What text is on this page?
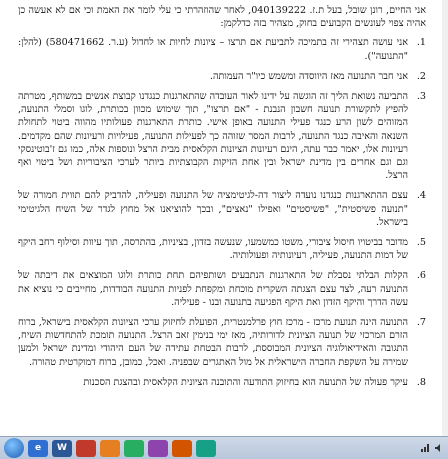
אני החיים, רונן שובל, בעל ת.ז. 040139222, לאחר שהוזהרתי כי עלי לומר את האמת וכי אם לא אעשה כן אהיה צפוי לעונשים הקבועים בחוק, מצהיר בזה כדלקמן:

1.
אני עושה תצהירי זה בתמיכה לתביעת אם תרצו – ציונות לחיות או לחדול (ע.ר. 580471662) (להלן: "התנועה").
2.
אני חבר התנועה מאז היווסדה ומשמש כיו"ר העמותה.
3.
התביעה נשואת הליך זה הוגשה על ידינו לאור העובדה שהתארגנות כנגדנו קבוצת אנשים במשותף, מטרתה להפיץ לתקשורת תנועה חשבון הנבנת - "אם תרצו", תוך שימוש מכוון בכותרת, לוגו וסמלי התנועה, המזוהים לשון הרע כנגד פעילי התנועה באופן אישי. כותרת התארגנות פעולותיו מהווה ביטוי לתחולת השנאה והאיבה כנגד התנועה, לרבות המסר שזוהה כך לפעילות התנועה, פעילויות ורעיונות שהם מקדמים. רעיונות אלו, יאמר כבר עתה, הינם רעיונות הציונות הקלאסית מבית הרצל ונוספות אלה, כמו גם ז'בוטינסקי וגם וגם אחרים בין מדינת ישראל ובין אחת הזיקות הקבוצתיות ביותר לערכי הציבוריות ושל ביטוי ואף הרצל.
4.
עצם ההתארגנות כנגדנו נועדה ליצור דה-לגיטימציה של התנועה ופעיליה, להדביק להם תווית חמורה של "תנועה פשיסטית", "פשיסטים" ואפילו "נאצים", ובכך להוציאנו אל מחוץ לגדר של השיח הלגיטימי בישראל.
5.
מדובר בביטויו חיסול ציבורי, משטו כמשמעו, שנעשה בזדון, בציניות, בהתרסה, תוך עיוות וסילוף רחב היקף של דמות התנועה, פעיליה, רעיונותיה ופעולותיה.
6.
הקלות הבלתי נסבלת של התארגנות הנתבעים ושותפיהם תחת כותרת ולוגו המוצאים את דיבתה של התנועה רעה, לצד עצם הצגתה השקרית מוכחת ומקפחת לפניות התנועה הבודדות, מחייבים כי נוציא את עשה הדרך והיקף הזדון ואת היקף הפגיעה בתנועה ובנו - פעיליה.
7.
התנועה הינה תנועת מרכז - מרכז חוץ פרלמנטרית, הפועלת לחיזוק ערכי הציונות הקלאסית בישראל, ברוח הזרם המרכזי של תנועה הציונית לדורותיה, מאז ימי בנימין זאב הרצל. התנועה תומכת להתחדשות השיח, התגובה והאידיאולוגיה הציונית המבוססת, לרבות הבטחת עתידה של העם היהודי ומדינת ישראל ולמען שמירה על השקפת החברה הישראלית אל מול האתגרים שבפניה. ואכל, כמובן, ברוח דמוקרטית טהורה.
8.
עיקר פעולה של התנועה הוא בחיזוק התודעה והתובנה הציונית הקלאסית ובהצגת הסכנות
e	W
